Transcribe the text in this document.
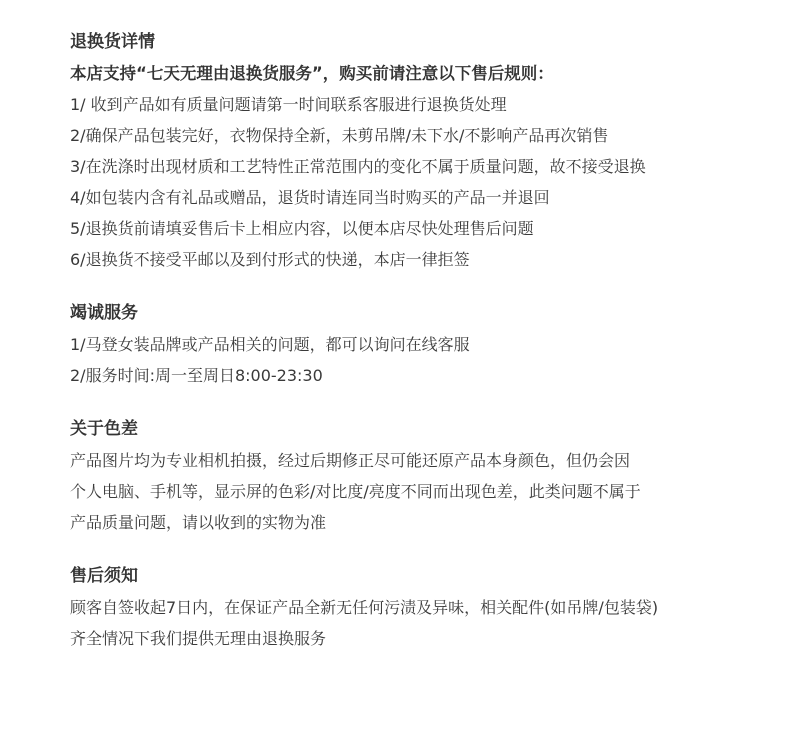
退换货详情
本店支持“七天无理由退换货服务”，购买前请注意以下售后规则：
1/ 收到产品如有质量问题请第一时间联系客服进行退换货处理
2/确保产品包装完好，衣物保持全新，未剪吊牌/未下水/不影响产品再次销售
3/在洗涤时出现材质和工艺特性正常范围内的变化不属于质量问题，故不接受退换
4/如包装内含有礼品或赠品，退货时请连同当时购买的产品一并退回
5/退换货前请填妥售后卡上相应内容，以便本店尽快处理售后问题
6/退换货不接受平邮以及到付形式的快递，本店一律拒签
竭诚服务
1/马登女装品牌或产品相关的问题，都可以询问在线客服
2/服务时间:周一至周日8:00-23:30
关于色差
产品图片均为专业相机拍摄，经过后期修正尽可能还原产品本身颜色，但仍会因
个人电脑、手机等，显示屏的色彩/对比度/亮度不同而出现色差，此类问题不属于
产品质量问题，请以收到的实物为准
售后须知
顾客自签收起7日内，在保证产品全新无任何污渍及异味，相关配件(如吊牌/包装袋)
齐全情况下我们提供无理由退换服务
